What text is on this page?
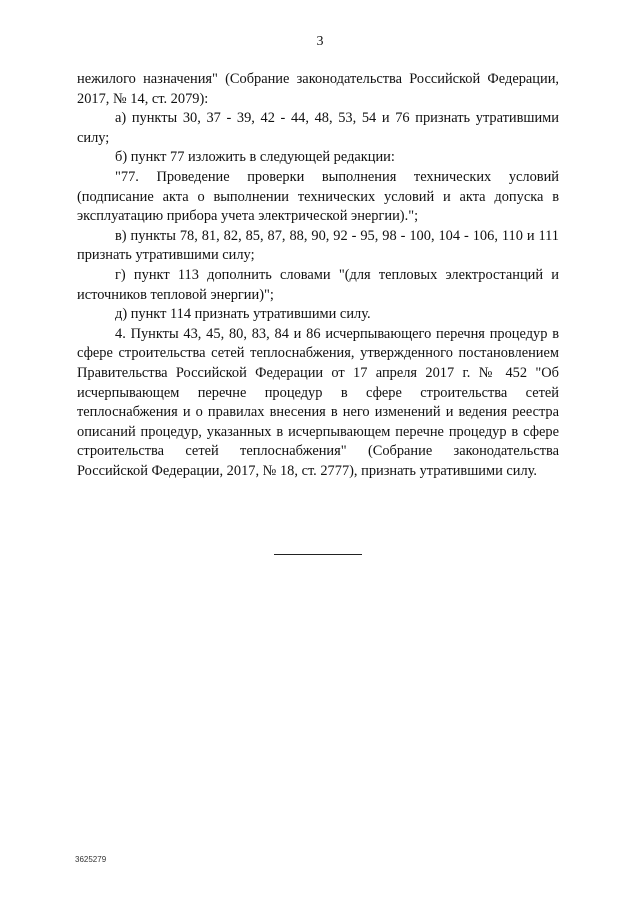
3

нежилого назначения" (Собрание законодательства Российской Федерации, 2017, № 14, ст. 2079):

а) пункты 30, 37 - 39, 42 - 44, 48, 53, 54 и 76 признать утратившими силу;

б) пункт 77 изложить в следующей редакции:

"77. Проведение проверки выполнения технических условий (подписание акта о выполнении технических условий и акта допуска в эксплуатацию прибора учета электрической энергии).";

в) пункты 78, 81, 82, 85, 87, 88, 90, 92 - 95, 98 - 100, 104 - 106, 110 и 111 признать утратившими силу;

г) пункт 113 дополнить словами "(для тепловых электростанций и источников тепловой энергии)";

д) пункт 114 признать утратившими силу.

4. Пункты 43, 45, 80, 83, 84 и 86 исчерпывающего перечня процедур в сфере строительства сетей теплоснабжения, утвержденного постановлением Правительства Российской Федерации от 17 апреля 2017 г. № 452 "Об исчерпывающем перечне процедур в сфере строительства сетей теплоснабжения и о правилах внесения в него изменений и ведения реестра описаний процедур, указанных в исчерпывающем перечне процедур в сфере строительства сетей теплоснабжения" (Собрание законодательства Российской Федерации, 2017, № 18, ст. 2777), признать утратившими силу.

3625279
